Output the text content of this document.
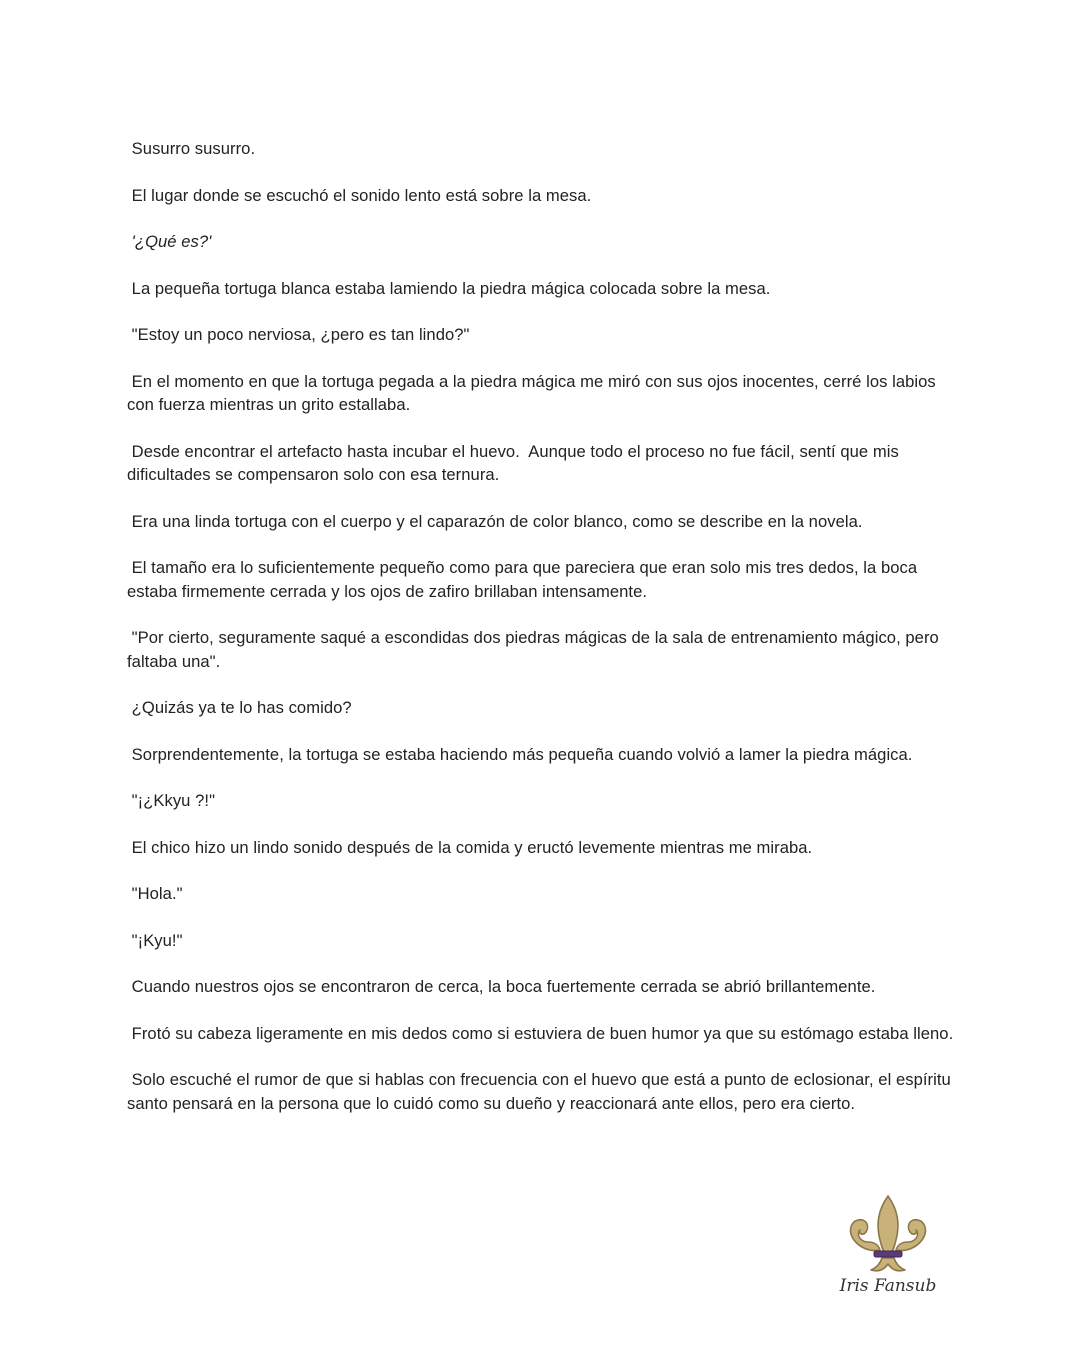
Susurro susurro.

El lugar donde se escuchó el sonido lento está sobre la mesa.

'¿Qué es?'

La pequeña tortuga blanca estaba lamiendo la piedra mágica colocada sobre la mesa.

"Estoy un poco nerviosa, ¿pero es tan lindo?"

En el momento en que la tortuga pegada a la piedra mágica me miró con sus ojos inocentes, cerré los labios con fuerza mientras un grito estallaba.

Desde encontrar el artefacto hasta incubar el huevo.  Aunque todo el proceso no fue fácil, sentí que mis dificultades se compensaron solo con esa ternura.

Era una linda tortuga con el cuerpo y el caparazón de color blanco, como se describe en la novela.

El tamaño era lo suficientemente pequeño como para que pareciera que eran solo mis tres dedos, la boca estaba firmemente cerrada y los ojos de zafiro brillaban intensamente.

"Por cierto, seguramente saqué a escondidas dos piedras mágicas de la sala de entrenamiento mágico, pero faltaba una".

¿Quizás ya te lo has comido?

Sorprendentemente, la tortuga se estaba haciendo más pequeña cuando volvió a lamer la piedra mágica.

"¡¿Kkyu ?!"

El chico hizo un lindo sonido después de la comida y eructó levemente mientras me miraba.

"Hola."

"¡Kyu!"

Cuando nuestros ojos se encontraron de cerca, la boca fuertemente cerrada se abrió brillantemente.

Frotó su cabeza ligeramente en mis dedos como si estuviera de buen humor ya que su estómago estaba lleno.

Solo escuché el rumor de que si hablas con frecuencia con el huevo que está a punto de eclosionar, el espíritu santo pensará en la persona que lo cuidó como su dueño y reaccionará ante ellos, pero era cierto.

Iris Fansub
